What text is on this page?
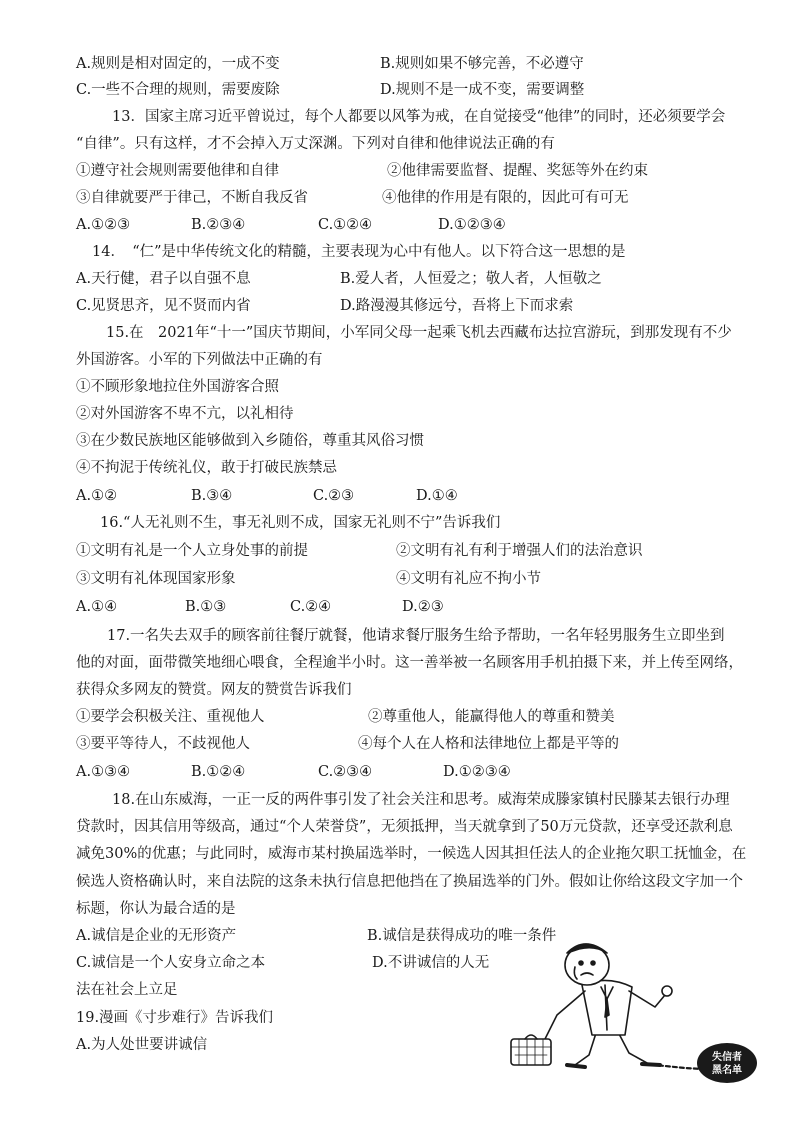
A.规则是相对固定的，一成不变	B.规则如果不够完善，不必遵守
C.一些不合理的规则，需要废除	D.规则不是一成不变，需要调整
13．国家主席习近平曾说过，每个人都要以风筝为戒，在自觉接受“他律”的同时，还必须要学会
“自律”。只有这样，才不会掉入万丈深渊。下列对自律和他律说法正确的有
①遵守社会规则需要他律和自律	②他律需要监督、提醒、奖惩等外在约束
③自律就要严于律己，不断自我反省	④他律的作用是有限的，因此可有可无
A.①②③	B.②③④	C.①②④	D.①②③④
14．　“仁”是中华传统文化的精髓，主要表现为心中有他人。以下符合这一思想的是
A.天行健，君子以自强不息	B.爱人者，人恒爱之；敬人者，人恒敬之
C.见贤思齐，见不贤而内省	D.路漫漫其修远兮，吾将上下而求索
15.在　2021年“十一”国庆节期间，小军同父母一起乘飞机去西藏布达拉宫游玩，到那发现有不少
外国游客。小军的下列做法中正确的有
①不顾形象地拉住外国游客合照
②对外国游客不卑不亢，以礼相待
③在少数民族地区能够做到入乡随俗，尊重其风俗习惯
④不拘泥于传统礼仪，敢于打破民族禁忌
A.①②	B.③④	C.②③	D.①④
16.“人无礼则不生，事无礼则不成，国家无礼则不宁”告诉我们
①文明有礼是一个人立身处事的前提	②文明有礼有利于增强人们的法治意识
③文明有礼体现国家形象	④文明有礼应不拘小节
A.①④	B.①③	C.②④	D.②③
17.一名失去双手的顾客前往餐厅就餐，他请求餐厅服务生给予帮助，一名年轻男服务生立即坐到
他的对面，面带微笑地细心喂食，全程逾半小时。这一善举被一名顾客用手机拍摄下来，并上传至网络，
获得众多网友的赞赏。网友的赞赏告诉我们
①要学会积极关注、重视他人	②尊重他人，能赢得他人的尊重和赞美
③要平等待人，不歧视他人	④每个人在人格和法律地位上都是平等的
A.①③④	B.①②④	C.②③④	D.①②③④
18.在山东威海，一正一反的两件事引发了社会关注和思考。威海荣成滕家镇村民滕某去银行办理
贷款时，因其信用等级高，通过“个人荣誉贷”，无须抵押，当天就拿到了50万元贷款，还享受还款利息
减免30%的优惠；与此同时，威海市某村换届选举时，一候选人因其担任法人的企业拖欠职工抚恤金，在
候选人资格确认时，来自法院的这条未执行信息把他挡在了换届选举的门外。假如让你给这段文字加一个
标题，你认为最合适的是
A.诚信是企业的无形资产	B.诚信是获得成功的唯一条件
C.诚信是一个人安身立命之本	D.不讲诚信的人无
法在社会上立足
19.漫画《寸步难行》告诉我们
A.为人处世要讲诚信
失信者
黑名单
